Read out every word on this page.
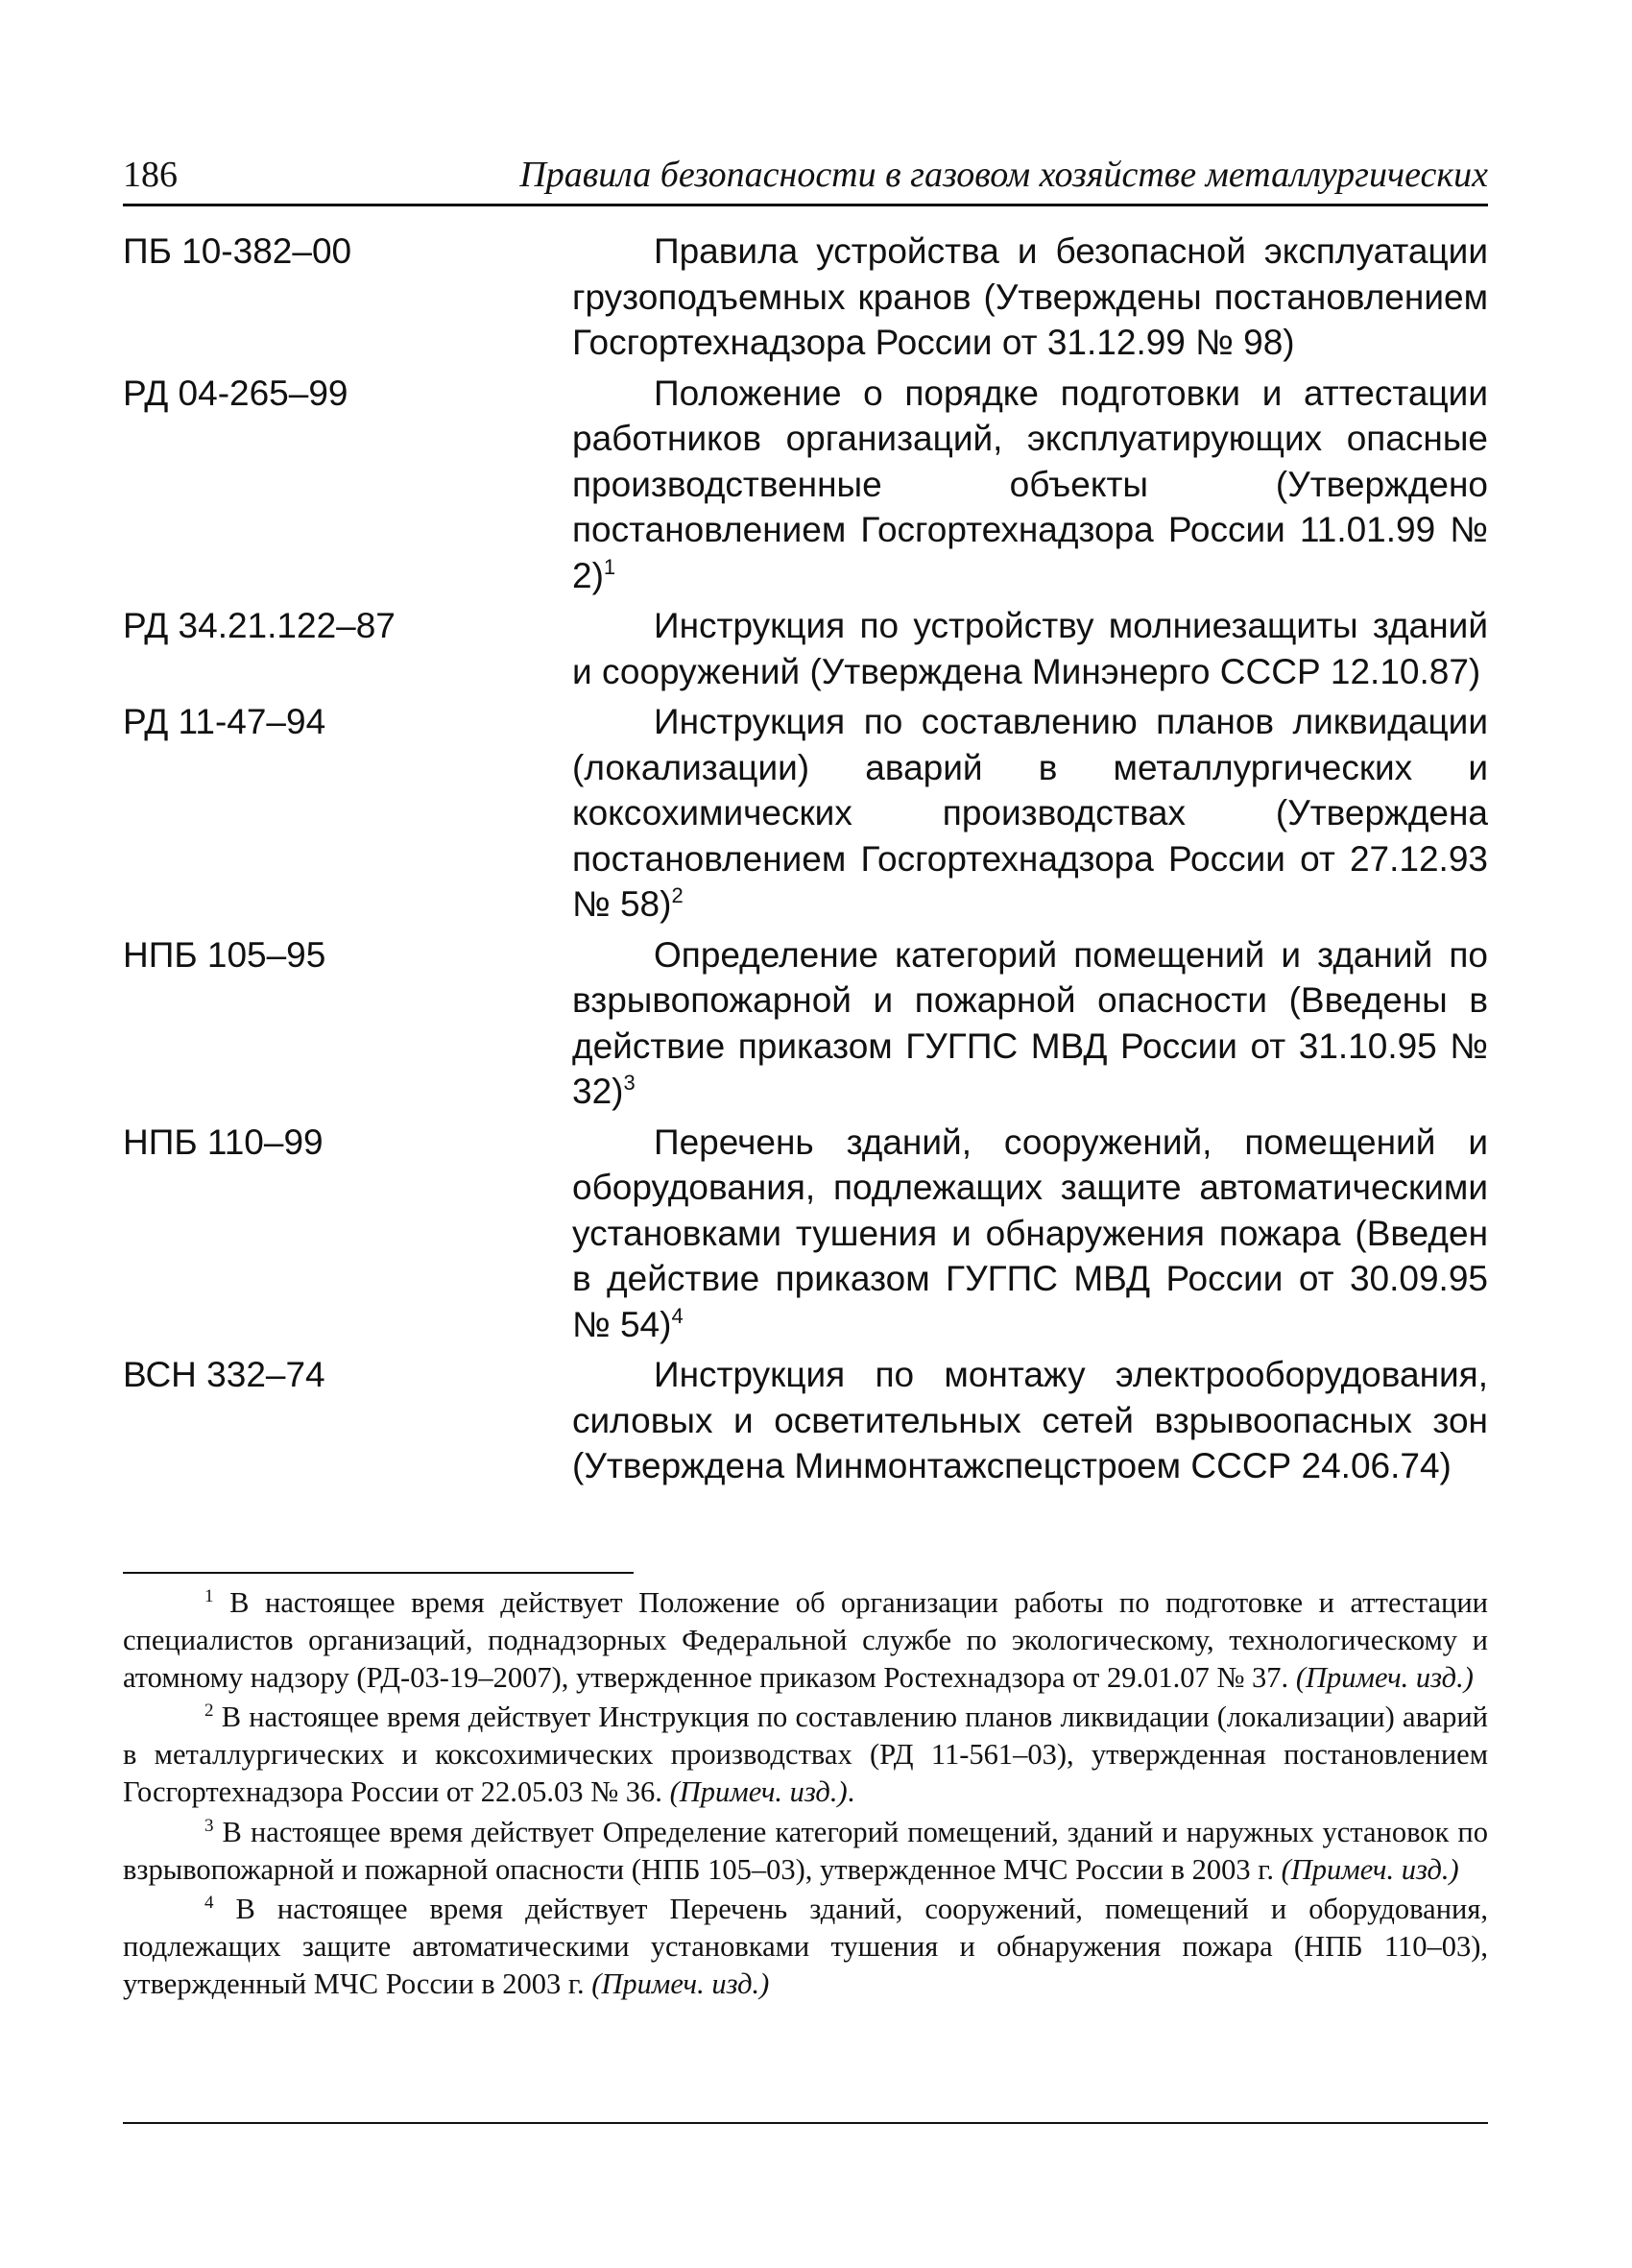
186	Правила безопасности в газовом хозяйстве металлургических
ПБ 10-382–00	Правила устройства и безопасной эксплуатации грузоподъемных кранов (Утверждены постановлением Госгортехнадзора России от 31.12.99 № 98)
РД 04-265–99	Положение о порядке подготовки и аттестации работников организаций, эксплуатирующих опасные производственные объекты (Утверждено постановлением Госгортехнадзора России 11.01.99 № 2)$^1$
РД 34.21.122–87	Инструкция по устройству молниезащиты зданий и сооружений (Утверждена Минэнерго СССР 12.10.87)
РД 11-47–94	Инструкция по составлению планов ликвидации (локализации) аварий в металлургических и коксохимических производствах (Утверждена постановлением Госгортехнадзора России от 27.12.93 № 58)$^2$
НПБ 105–95	Определение категорий помещений и зданий по взрывопожарной и пожарной опасности (Введены в действие приказом ГУГПС МВД России от 31.10.95 № 32)$^3$
НПБ 110–99	Перечень зданий, сооружений, помещений и оборудования, подлежащих защите автоматическими установками тушения и обнаружения пожара (Введен в действие приказом ГУГПС МВД России от 30.09.95 № 54)$^4$
ВСН 332–74	Инструкция по монтажу электрооборудования, силовых и осветительных сетей взрывоопасных зон (Утверждена Минмонтажспецстроем СССР 24.06.74)

$^1$ В настоящее время действует Положение об организации работы по подготовке и аттестации специалистов организаций, поднадзорных Федеральной службе по экологическому, технологическому и атомному надзору (РД-03-19–2007), утвержденное приказом Ростехнадзора от 29.01.07 № 37. (Примеч. изд.)

$^2$ В настоящее время действует Инструкция по составлению планов ликвидации (локализации) аварий в металлургических и коксохимических производствах (РД 11-561–03), утвержденная постановлением Госгортехнадзора России от 22.05.03 № 36. (Примеч. изд.).

$^3$ В настоящее время действует Определение категорий помещений, зданий и наружных установок по взрывопожарной и пожарной опасности (НПБ 105–03), утвержденное МЧС России в 2003 г. (Примеч. изд.)

$^4$ В настоящее время действует Перечень зданий, сооружений, помещений и оборудования, подлежащих защите автоматическими установками тушения и обнаружения пожара (НПБ 110–03), утвержденный МЧС России в 2003 г. (Примеч. изд.)
